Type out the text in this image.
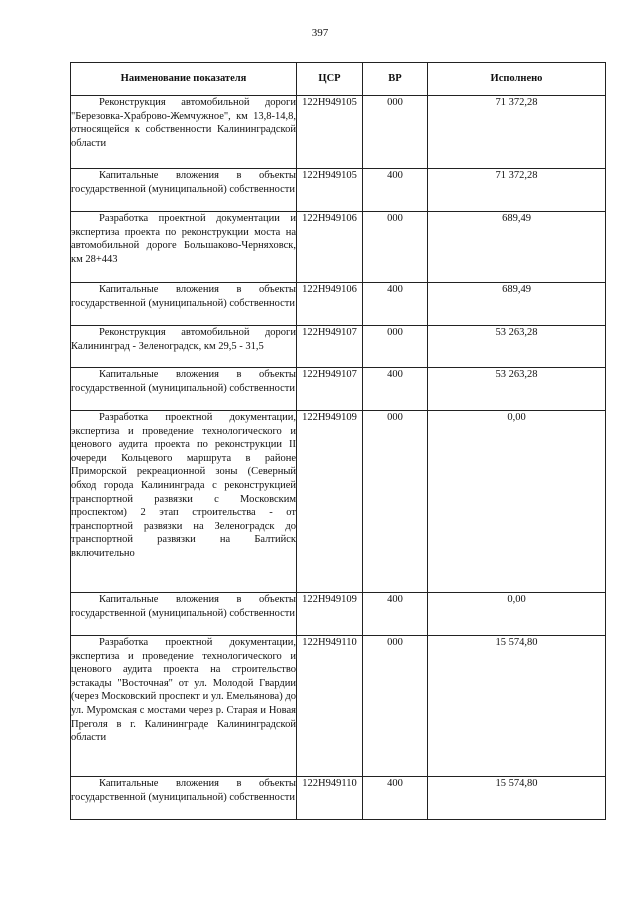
397
Наименование показателя	ЦСР	ВР	Исполнено

Реконструкция автомобильной дороги "Березовка-Храброво-Жемчужное", км 13,8-14,8, относящейся к собственности Калининградской области	122Н949105	000	71 372,28

Капитальные вложения в объекты государственной (муниципальной) собственности	122Н949105	400	71 372,28

Разработка проектной документации и экспертиза проекта по реконструкции моста на автомобильной дороге Большаково-Черняховск, км 28+443	122Н949106	000	689,49

Капитальные вложения в объекты государственной (муниципальной) собственности	122Н949106	400	689,49

Реконструкция автомобильной дороги Калининград - Зеленоградск, км 29,5 - 31,5	122Н949107	000	53 263,28

Капитальные вложения в объекты государственной (муниципальной) собственности	122Н949107	400	53 263,28

Разработка проектной документации, экспертиза и проведение технологического и ценового аудита проекта по реконструкции II очереди Кольцевого маршрута в районе Приморской рекреационной зоны (Северный обход города Калининграда с реконструкцией транспортной развязки с Московским проспектом) 2 этап строительства - от транспортной развязки на Зеленоградск до транспортной развязки на Балтийск включительно	122Н949109	000	0,00

Капитальные вложения в объекты государственной (муниципальной) собственности	122Н949109	400	0,00

Разработка проектной документации, экспертиза и проведение технологического и ценового аудита проекта на строительство эстакады "Восточная" от ул. Молодой Гвардии (через Московский проспект и ул. Емельянова) до ул. Муромская с мостами через р. Старая и Новая Преголя в г. Калининграде Калининградской области	122Н949110	000	15 574,80

Капитальные вложения в объекты государственной (муниципальной) собственности	122Н949110	400	15 574,80
